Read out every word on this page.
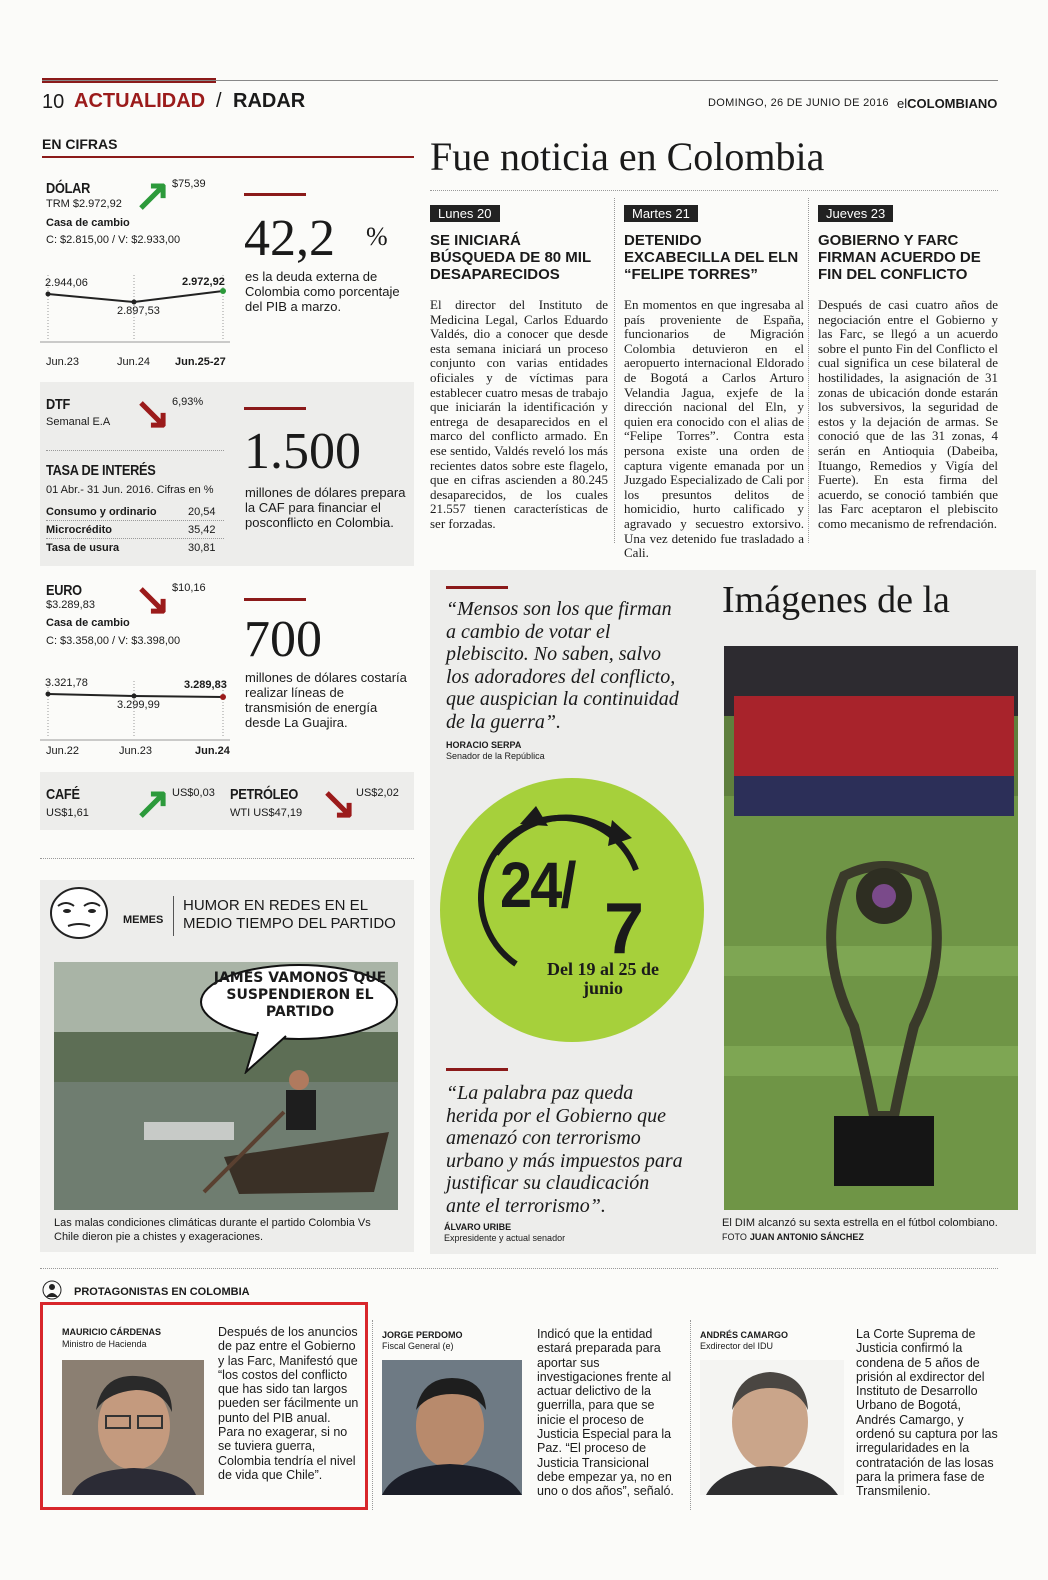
10 ACTUALIDAD / RADAR	DOMINGO, 26 DE JUNIO DE 2016 elCOLOMBIANO
EN CIFRAS
DÓLAR
TRM $2.972,92
Casa de cambio
C: $2.815,00 / V: $2.933,00
↗ $75,39
2.944,06
2.897,53
2.972,92
Jun.23	Jun.24 Jun.25-27
DTF
Semanal E.A ↘ 6,93%
TASA DE INTERÉS
01 Abr.- 31 Jun. 2016. Cifras en %
Consumo y ordinario	20,54
Microcrédito	35,42
Tasa de usura	30,81
EURO
$3.289,83
Casa de cambio
C: $3.358,00 / V: $3.398,00
↘ $10,16
3.321,78
3.299,99
3.289,83
Jun.22	Jun.23	Jun.24
CAFÉ
US$1,61 ↗ US$0,03 PETRÓLEO
WTI US$47,19 ↘ US$2,02
42,2 %
es la deuda externa de Colombia como porcentaje del PIB a marzo.
1.500
millones de dólares prepara la CAF para financiar el posconflicto en Colombia.
700
millones de dólares costaría realizar líneas de transmisión de energía desde La Guajira.
Fue noticia en Colombia
Lunes 20
SE INICIARÁ BÚSQUEDA DE 80 MIL DESAPARECIDOS
El director del Instituto de Medicina Legal, Carlos Eduardo Valdés, dio a conocer que desde esta semana iniciará un proceso conjunto con varias entidades oficiales y de víctimas para establecer cuatro mesas de trabajo que iniciarán la identificación y entrega de desaparecidos en el marco del conflicto armado. En ese sentido, Valdés reveló los más recientes datos sobre este flagelo, que en cifras ascienden a 80.245 desaparecidos, de los cuales 21.557 tienen características de ser forzadas.
Martes 21
DETENIDO EXCABECILLA DEL ELN “FELIPE TORRES”
En momentos en que ingresaba al país proveniente de España, funcionarios de Migración Colombia detuvieron en el aeropuerto internacional Eldorado de Bogotá a Carlos Arturo Velandia Jagua, exjefe de la dirección nacional del Eln, y quien era conocido con el alias de “Felipe Torres”. Contra esta persona existe una orden de captura vigente emanada por un Juzgado Especializado de Cali por los presuntos delitos de homicidio, hurto calificado y agravado y secuestro extorsivo. Una vez detenido fue trasladado a Cali.
Jueves 23
GOBIERNO Y FARC FIRMAN ACUERDO DE FIN DEL CONFLICTO
Después de casi cuatro años de negociación entre el Gobierno y las Farc, se llegó a un acuerdo sobre el punto Fin del Conflicto el cual significa un cese bilateral de hostilidades, la asignación de 31 zonas de ubicación donde estarán los subversivos, la seguridad de estos y la dejación de armas. Se conoció que de las 31 zonas, 4 serán en Antioquia (Dabeiba, Ituango, Remedios y Vigía del Fuerte). En esta firma del acuerdo, se conoció también que las Farc aceptaron el plebiscito como mecanismo de refrendación.
MEMES
HUMOR EN REDES EN EL MEDIO TIEMPO DEL PARTIDO
JAMES VAMONOS QUE SUSPENDIERON EL PARTIDO
Las malas condiciones climáticas durante el partido Colombia Vs Chile dieron pie a chistes y exageraciones.
“Mensos son los que firman a cambio de votar el plebiscito. No saben, salvo los adoradores del conflicto, que auspician la continuidad de la guerra”.
HORACIO SERPA
Senador de la República
24/
7
Del 19 al 25 de junio
“La palabra paz queda herida por el Gobierno que amenazó con terrorismo urbano y más impuestos para justificar su claudicación ante el terrorismo”.
ÁLVARO URIBE
Expresidente y actual senador
Imágenes de la
El DIM alcanzó su sexta estrella en el fútbol colombiano. FOTO JUAN ANTONIO SÁNCHEZ
PROTAGONISTAS EN COLOMBIA
MAURICIO CÁRDENAS
Ministro de Hacienda
Después de los anuncios de paz entre el Gobierno y las Farc, Manifestó que “los costos del conflicto que has sido tan largos pueden ser fácilmente un punto del PIB anual. Para no exagerar, si no se tuviera guerra, Colombia tendría el nivel de vida que Chile”.
JORGE PERDOMO
Fiscal General (e)
Indicó que la entidad estará preparada para aportar sus investigaciones frente al actuar delictivo de la guerrilla, para que se inicie el proceso de Justicia Especial para la Paz. “El proceso de Justicia Transicional debe empezar ya, no en uno o dos años”, señaló.
ANDRÉS CAMARGO
Exdirector del IDU
La Corte Suprema de Justicia confirmó la condena de 5 años de prisión al exdirector del Instituto de Desarrollo Urbano de Bogotá, Andrés Camargo, y ordenó su captura por las irregularidades en la contratación de las losas para la primera fase de Transmilenio.
